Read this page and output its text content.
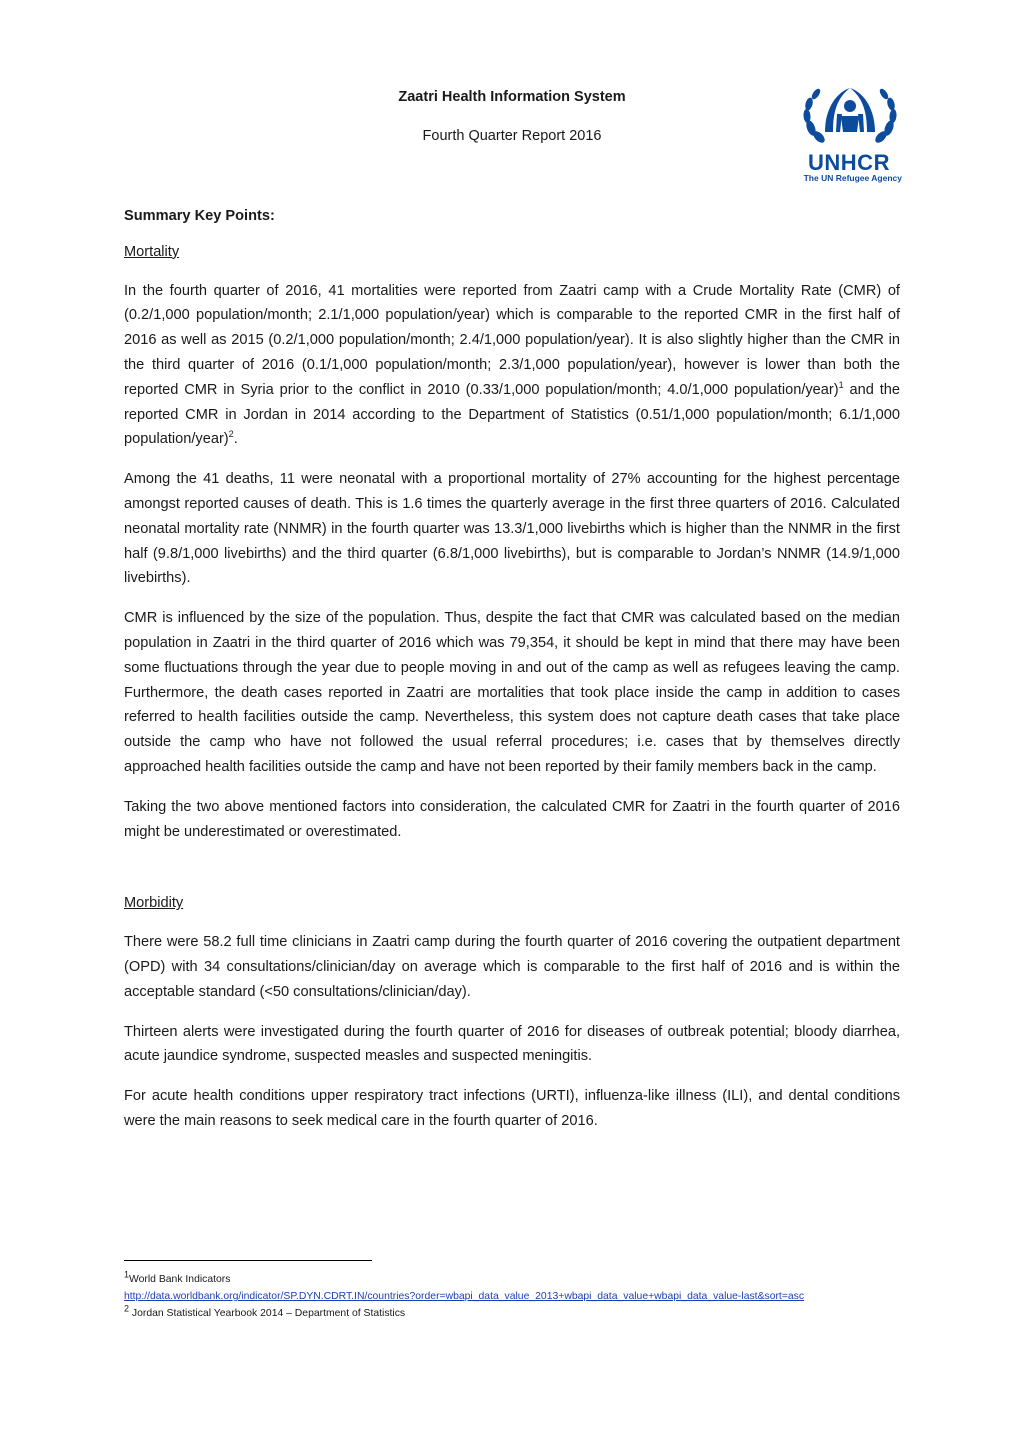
Zaatri Health Information System
Fourth Quarter Report 2016
UNHCR
The UN Refugee Agency
Summary Key Points:
Mortality

In the fourth quarter of 2016, 41 mortalities were reported from Zaatri camp with a Crude Mortality Rate (CMR) of (0.2/1,000 population/month; 2.1/1,000 population/year) which is comparable to the reported CMR in the first half of 2016 as well as 2015 (0.2/1,000 population/month; 2.4/1,000 population/year). It is also slightly higher than the CMR in the third quarter of 2016 (0.1/1,000 population/month; 2.3/1,000 population/year), however is lower than both the reported CMR in Syria prior to the conflict in 2010 (0.33/1,000 population/month; 4.0/1,000 population/year)$^1$ and the reported CMR in Jordan in 2014 according to the Department of Statistics (0.51/1,000 population/month; 6.1/1,000 population/year)$^2$.

Among the 41 deaths, 11 were neonatal with a proportional mortality of 27% accounting for the highest percentage amongst reported causes of death. This is 1.6 times the quarterly average in the first three quarters of 2016. Calculated neonatal mortality rate (NNMR) in the fourth quarter was 13.3/1,000 livebirths which is higher than the NNMR in the first half (9.8/1,000 livebirths) and the third quarter (6.8/1,000 livebirths), but is comparable to Jordan’s NNMR (14.9/1,000 livebirths).

CMR is influenced by the size of the population. Thus, despite the fact that CMR was calculated based on the median population in Zaatri in the third quarter of 2016 which was 79,354, it should be kept in mind that there may have been some fluctuations through the year due to people moving in and out of the camp as well as refugees leaving the camp. Furthermore, the death cases reported in Zaatri are mortalities that took place inside the camp in addition to cases referred to health facilities outside the camp. Nevertheless, this system does not capture death cases that take place outside the camp who have not followed the usual referral procedures; i.e. cases that by themselves directly approached health facilities outside the camp and have not been reported by their family members back in the camp.

Taking the two above mentioned factors into consideration, the calculated CMR for Zaatri in the fourth quarter of 2016 might be underestimated or overestimated.

Morbidity

There were 58.2 full time clinicians in Zaatri camp during the fourth quarter of 2016 covering the outpatient department (OPD) with 34 consultations/clinician/day on average which is comparable to the first half of 2016 and is within the acceptable standard (<50 consultations/clinician/day).

Thirteen alerts were investigated during the fourth quarter of 2016 for diseases of outbreak potential; bloody diarrhea, acute jaundice syndrome, suspected measles and suspected meningitis.

For acute health conditions upper respiratory tract infections (URTI), influenza-like illness (ILI), and dental conditions were the main reasons to seek medical care in the fourth quarter of 2016.

$^1$World Bank Indicators
http://data.worldbank.org/indicator/SP.DYN.CDRT.IN/countries?order=wbapi_data_value_2013+wbapi_data_value+wbapi_data_value-last&sort=asc
$^2$ Jordan Statistical Yearbook 2014 – Department of Statistics
